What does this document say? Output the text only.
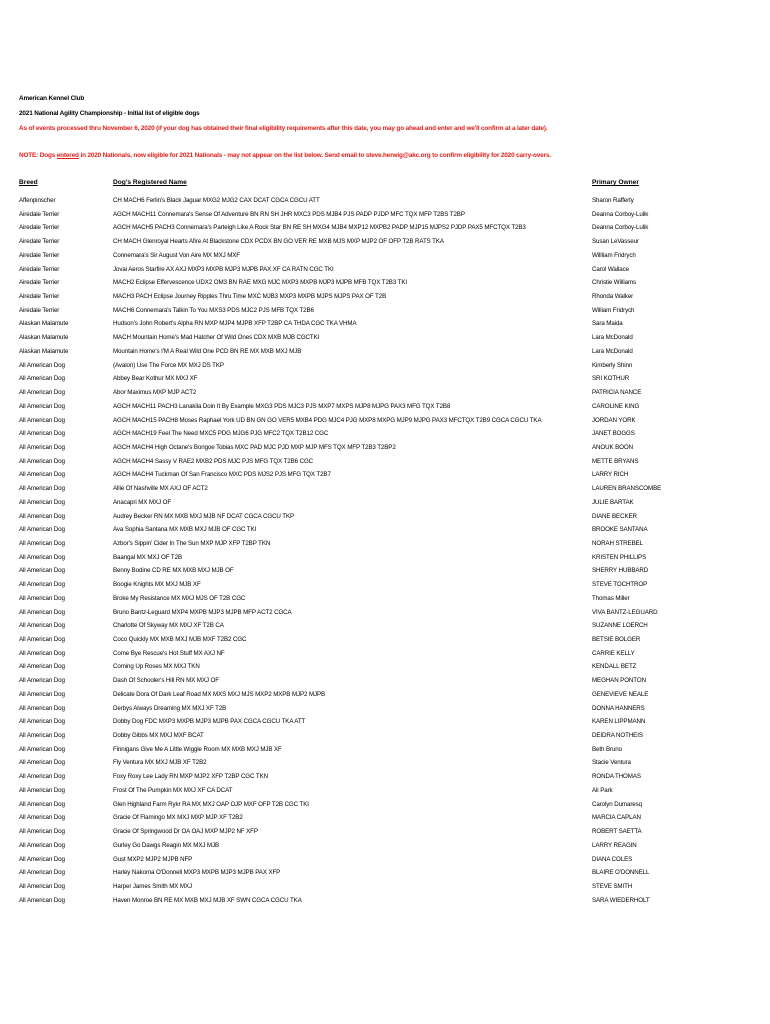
American Kennel Club
2021 National Agility Championship - Initial list of eligible dogs
As of events processed thru November 6, 2020 (if your dog has obtained their final eligibility requirements after this date, you may go ahead and enter and we'll confirm at a later date).
NOTE: Dogs entered in 2020 Nationals, now eligible for 2021 Nationals - may not appear on the list below. Send email to steve.herwig@akc.org to confirm eligibility for 2020 carry-overs.
Breed	Dog's Registered Name	Primary Owner
Affenpinscher	CH MACH6 Ferlin's Black Jaguar MXG2 MJG2 CAX DCAT CGCA CGCU ATT	Sharon Rafferty
Airedale Terrier	AGCH MACH11 Connemara's Sense Of Adventure BN RN SH JHR MXC3 PDS MJB4 PJS PADP PJDP MFC TQX MFP T2BS T2BP	Deanna Corboy-Lulik
Airedale Terrier	AGCH MACH5 PACH3 Connemara's Parteigh Like A Rock Star BN RE SH MXG4 MJB4 MXP12 MXPB2 PADP MJP15 MJPS2 PJDP PAX5 MFCTQX T2B3	Deanna Corboy-Lulik
Airedale Terrier	CH MACH Glenroyal Hearts Afire At Blackstone CDX PCDX BN GO VER RE MXB MJS MXP MJP2 OF OFP T2B RATS TKA	Susan LeVasseur
Airedale Terrier	Connemara's Sir August Von Aire MX MXJ MXF	Willliam Fridrych
Airedale Terrier	Jovai Aeros Starfire AX AXJ MXP3 MXPB MJP3 MJPB PAX XF CA RATN CGC TKI	Carol Wallace
Airedale Terrier	MACH2 Eclipse Effervescence UDX2 OM3 BN RAE MXG MJC MXP3 MXPB MJP3 MJPB MFB TQX T2B3 TKI	Christie Williams
Airedale Terrier	MACH3 PACH Eclipse Journey Ripples Thru Time MXC MJB3 MXP3 MXPB MJPS MJPS PAX OF T2B	Rhonda Walker
Airedale Terrier	MACH6 Connemara's Talkin To You MXS3 PDS MJC2 PJS MFB TQX T2B6	William Fridrych
Alaskan Malamute	Hudson's John Robert's Alpha RN MXP MJP4 MJPB XFP T2BP CA THDA CGC TKA VHMA	Sara Maida
Alaskan Malamute	MACH Mountain Home's Mad Hatcher Of Wild Ones CDX MXB MJB CGCTKI	Lara McDonald
Alaskan Malamute	Mountain Home's I'M A Real Wild One PCD BN RE MX MXB MXJ MJB	Lara McDonald
All American Dog	(Avalon) Use The Force MX MXJ DS TKP	Kimberly Shinn
All American Dog	Abbey Bear Kothur MX MXJ XF	SRI KOTHUR
All American Dog	Abor Maximus MXP MJP ACT2	PATRICIA NANCE
All American Dog	AGCH MACH11 PACH3 Lanakila Doin It By Example MXG3 PDS MJC3 PJS MXP7 MXPS MJP8 MJPG PAX3 MFG TQX T2B8	CAROLINE KING
All American Dog	AGCH MACH15 PACH8 Moses Raphael York UD BN GN GO VER5 MXB4 PDG MJC4 PJG MXP8 MXPG MJP9 MJPG PAX3 MFCTQX T2B9 CGCA CGCU TKA	JORDAN YORK
All American Dog	AGCH MACH19 Feel The Need MXC5 PDG MJG6 PJG MFC2 TQX T2B12 CGC	JANET BOGGS
All American Dog	AGCH MACH4 High Octane's Bongoe Tobias MXC PAD MJC PJD MXP MJP MFS TQX MFP T2B3 T2BP2	ANOUK BOON
All American Dog	AGCH MACH4 Sassy V RAE2 MXB2 PDS MJC PJS MFG TQX T2B6 CGC	METTE BRYANS
All American Dog	AGCH MACH4 Tuckman Of San Francisco MXC PDS MJS2 PJS MFG TQX T2B7	LARRY RICH
All American Dog	Allie Of Nashville MX AXJ OF ACT2	LAUREN BRANSCOMBE
All American Dog	Anacapri MX MXJ OF	JULIE BARTAK
All American Dog	Audrey Becker RN MX MXB MXJ MJB NF DCAT CGCA CGCU TKP	DIANE BECKER
All American Dog	Ava Sophia Santana MX MXB MXJ MJB OF CGC TKI	BROOKE SANTANA
All American Dog	Azbor's Sippin' Cider In The Sun MXP MJP XFP T2BP TKN	NORAH STREBEL
All American Dog	Baangal MX MXJ OF T2B	KRISTEN PHILLIPS
All American Dog	Benny Bodine CD RE MX MXB MXJ MJB OF	SHERRY HUBBARD
All American Dog	Boogie Knights MX MXJ MJB XF	STEVE TOCHTROP
All American Dog	Broke My Resistance MX MXJ MJS OF T2B CGC	Thomas Miller
All American Dog	Bruno Bantz-Leguard MXP4 MXPB MJP3 MJPB MFP ACT2 CGCA	VIVA BANTZ-LEGUARD
All American Dog	Charlotte Of Skyway MX MXJ XF T2B CA	SUZANNE LOERCH
All American Dog	Coco Quickly MX MXB MXJ MJB MXF T2B2 CGC	BETSIE BOLGER
All American Dog	Come Bye Rescue's Hot Stuff MX AXJ NF	CARRIE KELLY
All American Dog	Coming Up Roses MX MXJ TKN	KENDALL BETZ
All American Dog	Dash Of Schooler's Hill RN MX MXJ OF	MEGHAN PONTON
All American Dog	Delicate Dora Of Dark Leaf Road MX MXS MXJ MJS MXP2 MXPB MJP2 MJPB	GENEVIEVE NEALE
All American Dog	Derbys Always Dreaming MX MXJ XF T2B	DONNA HANNERS
All American Dog	Dobby Dog FDC MXP3 MXPB MJP3 MJPB PAX CGCA CGCU TKA ATT	KAREN LIPPMANN
All American Dog	Dobby Gibbs MX MXJ MXF BCAT	DEIDRA NOTHEIS
All American Dog	Finnigans Give Me A Little Wiggle Room MX MXB MXJ MJB XF	Beth Bruno
All American Dog	Fly Ventura MX MXJ MJB XF T2B2	Stacie Ventura
All American Dog	Foxy Roxy Lee Lady RN MXP MJP2 XFP T2BP CGC TKN	RONDA THOMAS
All American Dog	Frost Of The Pumpkin MX MXJ XF CA DCAT	Ali Park
All American Dog	Glen Highland Farm Rykr RA MX MXJ OAP OJP MXF OFP T2B CGC TKI	Carolyn Dumaresq
All American Dog	Gracie Of Flamingo MX MXJ MXP MJP XF T2B2	MARCIA CAPLAN
All American Dog	Gracie Of Springwood Dr OA OAJ MXP MJP2 NF XFP	ROBERT SAETTA
All American Dog	Gurley Go Dawgs Reagin MX MXJ MJB	LARRY REAGIN
All American Dog	Gust MXP2 MJP2 MJPB NFP	DIANA COLES
All American Dog	Harley Nakoma O'Donnell MXP3 MXPB MJP3 MJPB PAX XFP	BLAIRE O'DONNELL
All American Dog	Harper James Smith MX MXJ	STEVE SMITH
All American Dog	Haven Monroe BN RE MX MXB MXJ MJB XF SWN CGCA CGCU TKA	SARA WIEDERHOLT
